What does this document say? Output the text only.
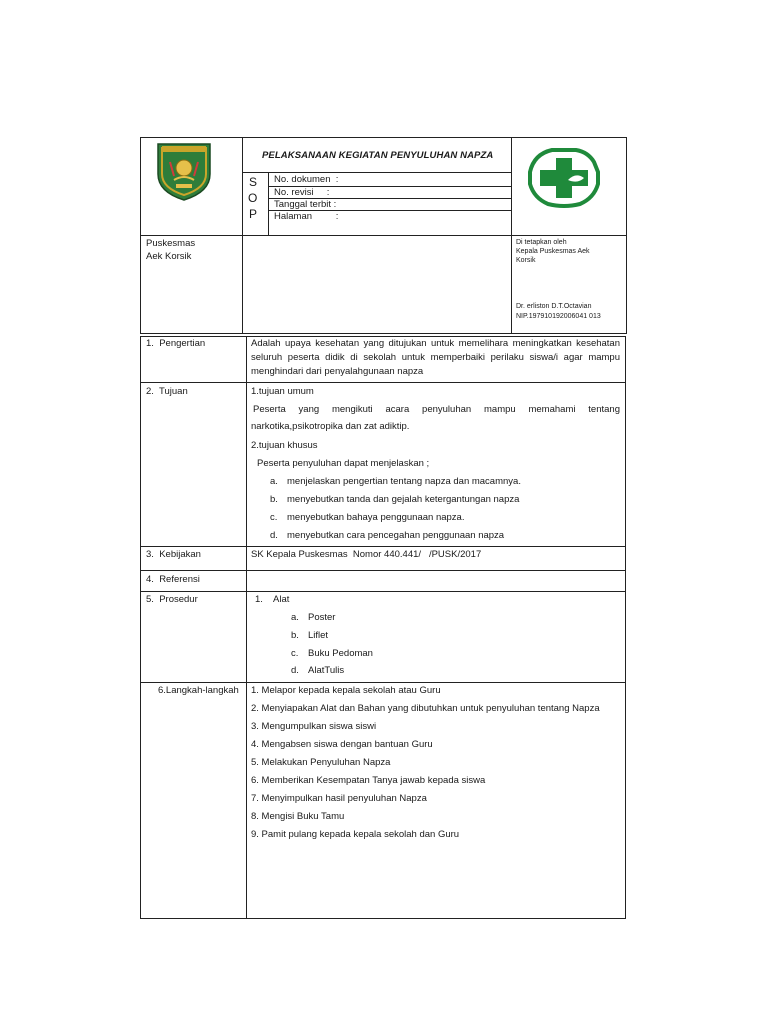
PELAKSANAAN KEGIATAN PENYULUHAN NAPZA
S
O
P
No. dokumen  :
No. revisi     :
Tanggal terbit :
Halaman         :
Puskesmas
Aek Korsik
Di tetapkan oleh
Kepala Puskesmas Aek
Korsik
Dr. erliston D.T.Octavian
NIP.197910192006041 013
1.  Pengertian	Adalah upaya kesehatan yang ditujukan untuk memelihara meningkatkan kesehatan
seluruh peserta didik di sekolah untuk memperbaiki perilaku siswa/i agar mampu
menghindari dari penyalahgunaan napza
2.  Tujuan	1.tujuan umum
Peserta yang mengikuti acara penyuluhan mampu memahami tentang
narkotika,psikotropika dan zat adiktip.
2.tujuan khusus
Peserta penyuluhan dapat menjelaskan ;
a. menjelaskan pengertian tentang napza dan macamnya.
b. menyebutkan tanda dan gejalah ketergantungan napza
c. menyebutkan bahaya penggunaan napza.
d. menyebutkan cara pencegahan penggunaan napza
3.  Kebijakan	SK Kepala Puskesmas  Nomor 440.441/   /PUSK/2017
4.  Referensi
5.  Prosedur	1. Alat
a. Poster
b. Liflet
c. Buku Pedoman
d. AlatTulis
6.Langkah-langkah 1. Melapor kepada kepala sekolah atau Guru
2. Menyiapakan Alat dan Bahan yang dibutuhkan untuk penyuluhan tentang Napza
3. Mengumpulkan siswa siswi
4. Mengabsen siswa dengan bantuan Guru
5. Melakukan Penyuluhan Napza
6. Memberikan Kesempatan Tanya jawab kepada siswa
7. Menyimpulkan hasil penyuluhan Napza
8. Mengisi Buku Tamu
9. Pamit pulang kepada kepala sekolah dan Guru
